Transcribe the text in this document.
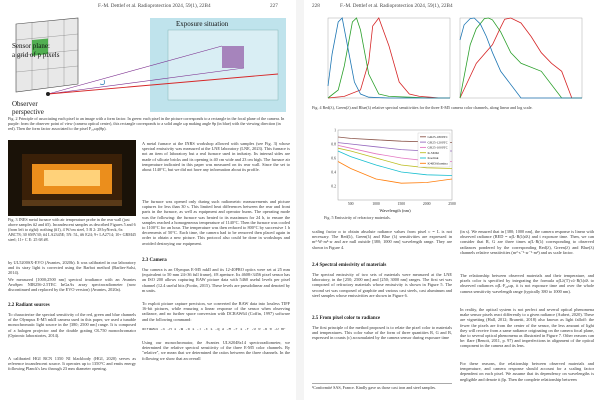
F.-M. Dettlef et al. Radioprotection 2024, 59(1), 22B4	227
Sensor plane:
a grid of p pixels
Exposure situation
Observer
perspective
Fig. 2 Principle of associating each pixel to an image with a form factor. In green: each pixel in the picture corresponds to a rectangle in the focal plane of the camera. In purple: from the observer point of view (camera optical center), this rectangle corresponds to a solid angle ωp making angle θp (in blue) with the viewing direction (in red). Then the form factor associated to the pixel F₂₃ωp(θp).
Fig. 3 INES metal furnace with air temperature probe in the rear wall (just above samples #2 and #5). Incandescent samples as described Figures 5 and 6 (from left to right): nothing (#1), 4 W/cm steel, 5 B 2: 28 byNreck, 6x ABC78; 30 SMV30; #4 LA2345E; 5N: 5L, #6 E24; 9+ LA2714; 10+ GRM45 steel; 11+ C E: 25 68 #8.
by UL5200SX-EVO (Avantes, 2020b). It was calibrated in our laboratory and its stray light is corrected using the Barbot method (Barlier-Salsi, 2014).
We measured [1000;2500 nm] spectral irradiance with an Avantes AvaSpec NIR256-2.5TEC InGaAs array spectroradiometer (now discontinued and replaced by the EVO version) (Avantes, 2020a).
2.2 Radiant sources
To characterize the spectral sensitivity of the red, green and blue channels of the Olympus E-M5 mkII camera used in this paper, we used a tunable monochromatic light source in the [380; 2500 nm] range. It is composed of a halogen projector and the double grating OL750 monochromator (Optronic laboratories, 2014).
A calibrated HGI RCN 1350 NI blackbody (HGI, 2020) serves as reference incandescent source. It operates up to 1350°C and emits energy following Planck's law through 23 mm diameter opening.
A metal furnace at the INRS workshop allowed with samples (see Fig. 3) whose spectral emissivity was measured at the LNE laboratory (LNE, 2023). This furnace is not an item of laboratory but a real furnace used in industry. Its internal sides are made of silicate bricks and its opening is 40 cm wide and 23 cm high. The furnace air temperature indicated in this paper was measured on its rear wall. Since the set to about 1140°C, but we did not have any information about its profile.
The furnace was opened only during such radiometric measurements and picture captures for less than 30 s. This limited heat differences between the rear and front parts in the furnace, as well as equipment and operator burns. The operating mode was the following: the furnace was heated to its maximum for 24 h, to ensure the samples reached a homogeneous temperature of 1140°C. Then the furnace was cooled to 1100°C for an hour. The temperature was then reduced to 800°C by successive 1 h decrements of 50°C. Each time, the camera had to be removed then placed again in order to obtain a new picture. This protocol also could be done in workshops and avoided destroying our equipment.
2.3 Camera
Our camera is an Olympus E-M5 mkII and its 12-40PRO optics were set at 25 mm (equivalent to 50 mm 24×36 full frame), f/8 aperture. Its 4608×3456 pixel sensor has an ISO 200 allows capturing RAW picture data with 5460 useful levels per pixel channel (12.4 useful bits (Fortin, 2015). These levels are pseudolinear and denoted by m units.
To exploit picture capture precision, we converted the RAW data into lossless TIFF 16-bit pictures, while ensuring a linear response of the sensor when observing radiance, and no further space conversion with DCRAW64 (Coffin, 1997) software and the following command:
dcraw64 -4 -H 1 -W -o 1 -T -t 1 -q 3 -M -r 1 -f -O 0 -b 0 -D RF
Using our monochromator, the Avantes ULS2048x14 spectroradiometer, we determined the relative spectral sensitivity of the three E-M5 color channels. By "relative", we mean that we determined the ratios between the three channels. In the following we show that an overall
228	F.-M. Dettlef et al. Radioprotection 2024, 59(1), 22B4
Fig. 4 Red(λ), Green(λ) and Blue(λ) relative spectral sensitivities for the three E-M5 camera color channels, along linear and log scale.
500	1000	1500	2000	2500
0.2
0.4
0.6
0.8
1
Wavelength (nm)
GR25-1800TC
GR25-1200TC
GR25-1000TC
K.SMKl
Kaolink
K46DAlumina
Fig. 5 Emissivity of refractory materials.
scaling factor α to obtain absolute radiance values from pixel c = L is not necessary. The Red(λ), Green(λ) and Blue (λ) sensitivities are expressed in m²·W·m²·sr and are null outside [380; 1000 nm] wavelength range. They are shown in Figure 4.
2.4 Spectral emissivity of materials
The spectral emissivity of two sets of materials were measured at the LNE laboratory, in the [250; 2500 nm] and [250; 3000 nm] ranges. The first set was composed of refractory materials whose emissivity is shown in Figure 5. The second set was composed of graphite and various cast steels, cast aluminum and steel samples whose emissivities are shown in Figure 6.
2.5 From pixel color to radiance
The first principle of the method proposed is to relate the pixel color to materials and temperatures. This color value of the form of three quantities R, G and B, expressed in counts (c) accumulated by the camera sensor during exposure time
¹Conformité SAS, France. Kindly gave us those cast iron and steel samples.
(in s). We ensured that in [380; 1000 nm], the camera response is linear with observed radiance (RED = α∫L·R(λ)dλ) and t exposure time. Then, we can consider that R, G are three times α∫L·R(λ) corresponding to observed radiances pondered by the corresponding Red(λ), Green(λ) and Blue(λ) channels relative sensitivities (m²·s⁻¹·sr⁻¹·m²) and αs scale factor.
The relationship between observed materials and their temperature, and pixels color is specified by integrating the formula α∫Lλ(T)·ελ·R(λ)dλ to observed radiances α∫L·F₂₃ωp, it is not exposure time and over the whole camera sensitivity wavelength range (typically 380 to 1000 nm).
In reality, the optical system is not perfect and several optical phenomena make sensor pixels react differently to a given radiance (Aubert, 2020). These are vignetting (Hall, 2012; Brunetti, 2018) also known as light falloff: the fewer the pixels are from the center of the sensor, the less amount of light they will receive from a same radiance originating on the camera focal plane, due to several optical phenomena as illustrated in Figure 7. Other reasons can be: flare (Benoit, 2011, p. 97) and imperfections in alignment of the optical component in the camera and its lens.
For these reasons, the relationship between observed materials and temperature, and camera response should account for a scaling factor dependent on each pixel. We assume that its dependency on wavelengths is negligible and denote it βp. Then the complete relationship between
